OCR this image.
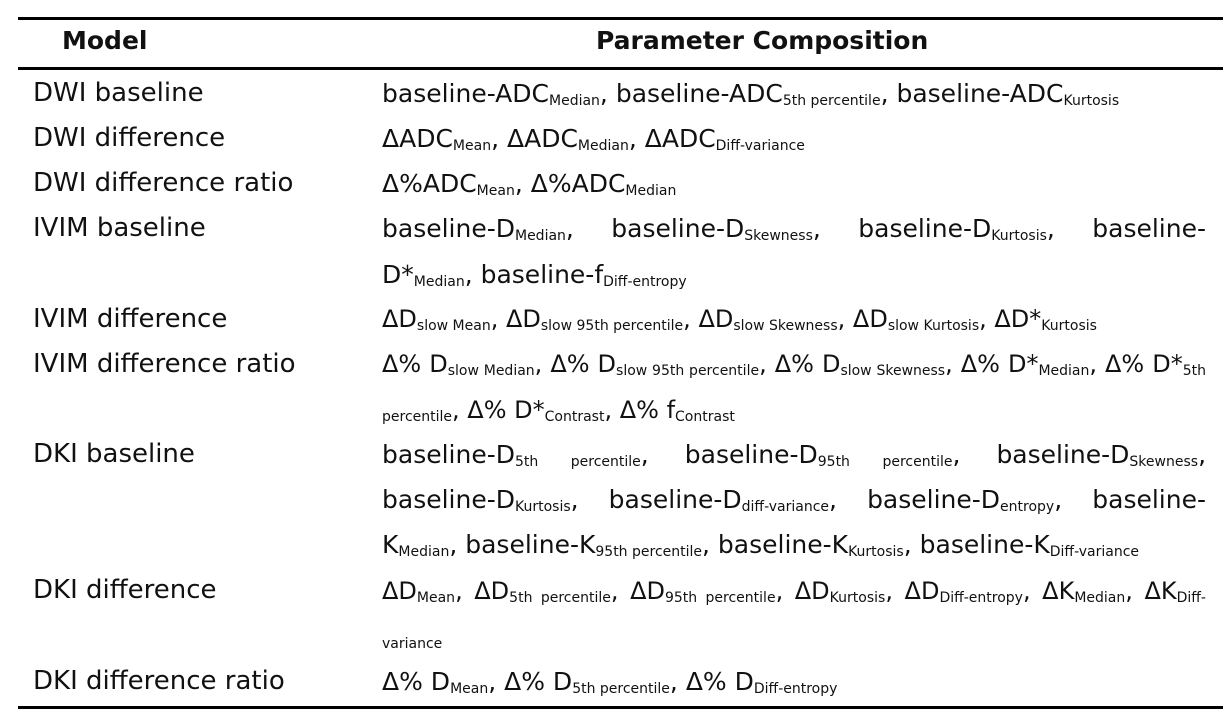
Model	Parameter Composition
DWI baseline	baseline-$ADC_{Median}$, baseline-$ADC_{5th percentile}$, baseline-$ADC_{Kurtosis}$
DWI difference	$\Delta ADC_{Mean}$, $\Delta ADC_{Median}$, $\Delta ADC_{Diff-variance}$
DWI difference ratio	$\Delta\%ADC_{Mean}$, $\Delta\%ADC_{Median}$
IVIM baseline	baseline-$D_{Median}$, baseline-$D_{Skewness}$, baseline-$D_{Kurtosis}$, baseline-$D*_{Median}$, baseline-$f_{Diff-entropy}$
IVIM difference	$\Delta D_{slow Mean}$, $\Delta D_{slow 95th percentile}$, $\Delta D_{slow Skewness}$, $\Delta D_{slow Kurtosis}$, $\Delta D*_{Kurtosis}$
IVIM difference ratio	Δ% $D_{slow Median}$, Δ% $D_{slow 95th percentile}$, Δ% $D_{slow Skewness}$, Δ% $D*_{Median}$, Δ% $D*_{5th percentile}$, Δ% $D*_{Contrast}$, Δ% $f_{Contrast}$
DKI baseline	baseline-$D_{5th percentile}$, baseline-$D_{95th percentile}$, baseline-$D_{Skewness}$, baseline-$D_{Kurtosis}$, baseline-$D_{diff-variance}$, baseline-$D_{entropy}$, baseline-$K_{Median}$, baseline-$K_{95th percentile}$, baseline-$K_{Kurtosis}$, baseline-$K_{Diff-variance}$
DKI difference	$\Delta D_{Mean}$, $\Delta D_{5th percentile}$, $\Delta D_{95th percentile}$, $\Delta D_{Kurtosis}$, $\Delta D_{Diff-entropy}$, $\Delta K_{Median}$, $\Delta K_{Diff-variance}$
DKI difference ratio	Δ% $D_{Mean}$, Δ% $D_{5th percentile}$, Δ% $D_{Diff-entropy}$
